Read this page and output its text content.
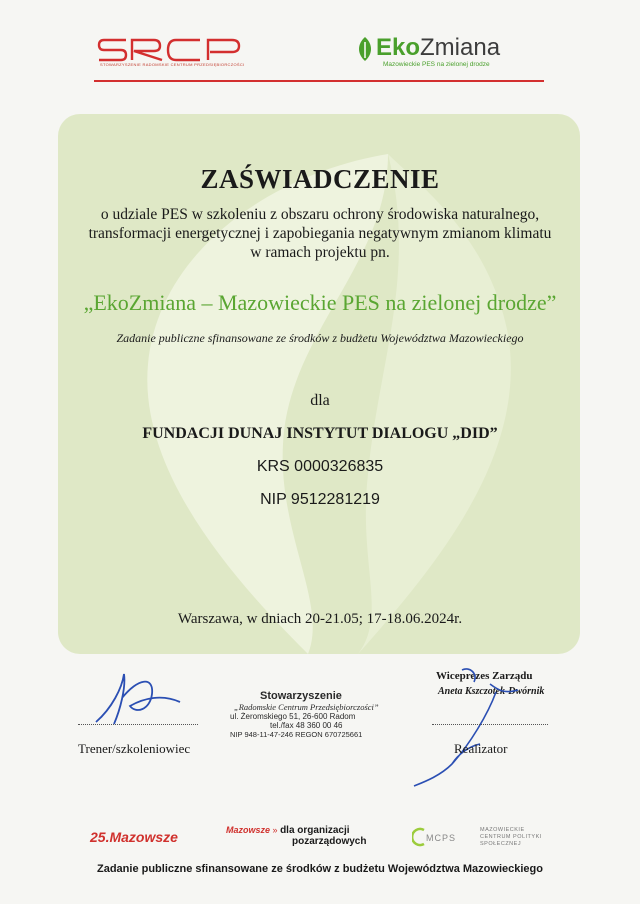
STOWARZYSZENIE RADOMSKIE CENTRUM PRZEDSIĘBIORCZOŚCI
EkoZmiana
Mazowieckie PES na zielonej drodze
ZAŚWIADCZENIE
o udziale PES w szkoleniu z obszaru ochrony środowiska naturalnego,
transformacji energetycznej i zapobiegania negatywnym zmianom klimatu
w ramach projektu pn.
„EkoZmiana – Mazowieckie PES na zielonej drodze”
Zadanie publiczne sfinansowane ze środków z budżetu Województwa Mazowieckiego
dla
FUNDACJI DUNAJ INSTYTUT DIALOGU „DID”
KRS 0000326835
NIP 9512281219
Warszawa, w dniach 20-21.05; 17-18.06.2024r.
Trener/szkoleniowiec
Stowarzyszenie
„Radomskie Centrum Przedsiębiorczości”
ul. Żeromskiego 51, 26-600 Radom
tel./fax 48 360 00 46
NIP 948-11-47-246 REGON 670725661
Wiceprezes Zarządu
Aneta Kszczotek-Dwórnik
Realizator
25.Mazowsze	Mazowsze » dla organizacji
pozarządowych	MCPS
MAZOWIECKIE
CENTRUM POLITYKI
SPOŁECZNEJ
Zadanie publiczne sfinansowane ze środków z budżetu Województwa Mazowieckiego
